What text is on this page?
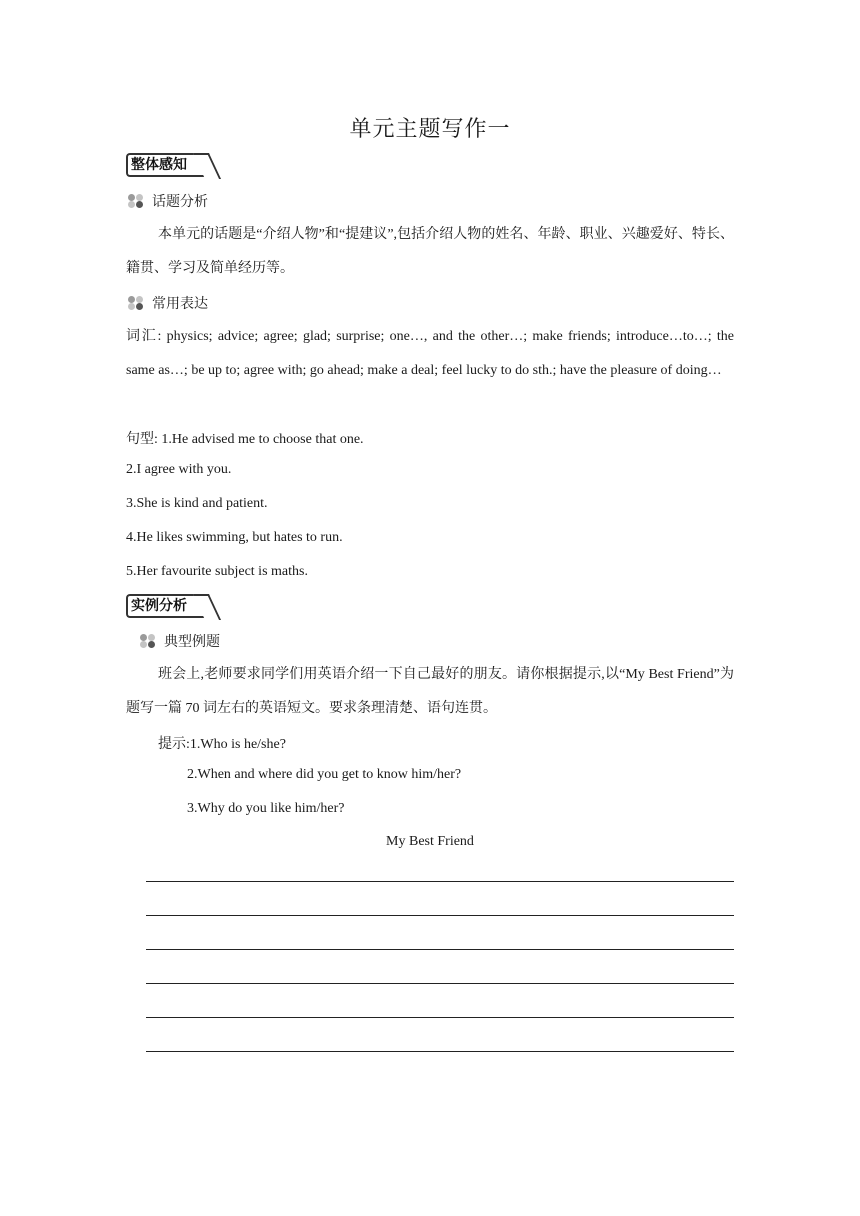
单元主题写作一
整体感知
话题分析
本单元的话题是“介绍人物”和“提建议”,包括介绍人物的姓名、年龄、职业、兴趣爱好、特长、籍贯、学习及简单经历等。
常用表达
词汇: physics; advice; agree; glad; surprise; one…, and the other…; make friends; introduce…to…; the same as…; be up to; agree with; go ahead; make a deal; feel lucky to do sth.; have the pleasure of doing…
句型: 1.He advised me to choose that one.
2.I agree with you.
3.She is kind and patient.
4.He likes swimming, but hates to run.
5.Her favourite subject is maths.
实例分析
典型例题
班会上,老师要求同学们用英语介绍一下自己最好的朋友。请你根据提示,以“My Best Friend”为题写一篇 70 词左右的英语短文。要求条理清楚、语句连贯。
提示:1.Who is he/she?
2.When and where did you get to know him/her?
3.Why do you like him/her?
My Best Friend
